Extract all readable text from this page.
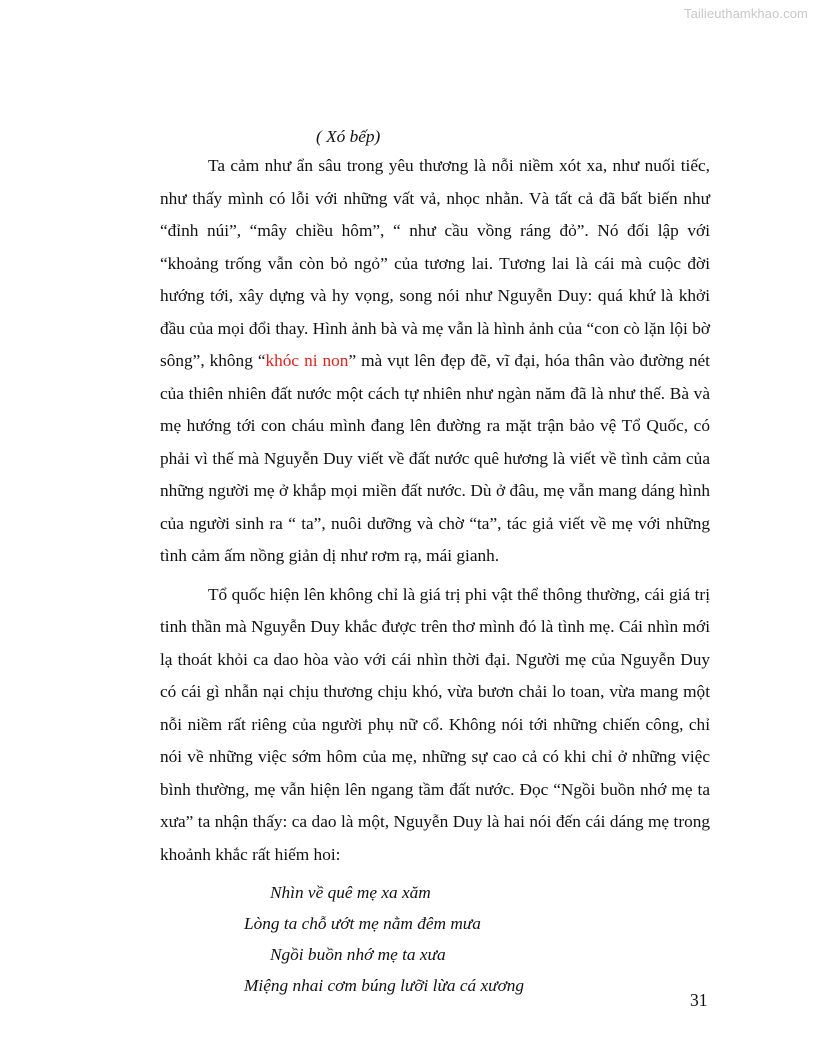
Tailieuthamkhao.com

( Xó bếp)

Ta cảm như ẩn sâu trong yêu thương là nỗi niềm xót xa, như nuối tiếc, như thấy mình có lỗi với những vất vả, nhọc nhằn. Và tất cả đã bất biến như “đỉnh núi”, “mây chiều hôm”, “ như cầu vồng ráng đỏ”. Nó đối lập với “khoảng trống vẫn còn bỏ ngỏ” của tương lai. Tương lai là cái mà cuộc đời hướng tới, xây dựng và hy vọng, song nói như Nguyễn Duy: quá khứ là khởi đầu của mọi đổi thay. Hình ảnh bà và mẹ vẫn là hình ảnh của “con cò lặn lội bờ sông”, không “khóc ni non” mà vụt lên đẹp đẽ, vĩ đại, hóa thân vào đường nét của thiên nhiên đất nước một cách tự nhiên như ngàn năm đã là như thế. Bà và mẹ hướng tới con cháu mình đang lên đường ra mặt trận bảo vệ Tổ Quốc, có phải vì thế mà Nguyễn Duy viết về đất nước quê hương là viết về tình cảm của những người mẹ ở khắp mọi miền đất nước. Dù ở đâu, mẹ vẫn mang dáng hình của người sinh ra “ ta”, nuôi dưỡng và chờ “ta”, tác giả viết về mẹ với những tình cảm ấm nồng giản dị như rơm rạ, mái gianh.

Tổ quốc hiện lên không chỉ là giá trị phi vật thể thông thường, cái giá trị tinh thần mà Nguyễn Duy khắc được trên thơ mình đó là tình mẹ. Cái nhìn mới lạ thoát khỏi ca dao hòa vào với cái nhìn thời đại. Người mẹ của Nguyễn Duy có cái gì nhẫn nại chịu thương chịu khó, vừa bươn chải lo toan, vừa mang một nỗi niềm rất riêng của người phụ nữ cổ. Không nói tới những chiến công, chỉ nói về những việc sớm hôm của mẹ, những sự cao cả có khi chỉ ở những việc bình thường, mẹ vẫn hiện lên ngang tầm đất nước. Đọc “Ngồi buồn nhớ mẹ ta xưa” ta nhận thấy: ca dao là một, Nguyễn Duy là hai nói đến cái dáng mẹ trong khoảnh khắc rất hiếm hoi:

Nhìn về quê mẹ xa xăm
Lòng ta chỗ ướt mẹ nằm đêm mưa
Ngồi buồn nhớ mẹ ta xưa
Miệng nhai cơm búng lưỡi lừa cá xương
31
